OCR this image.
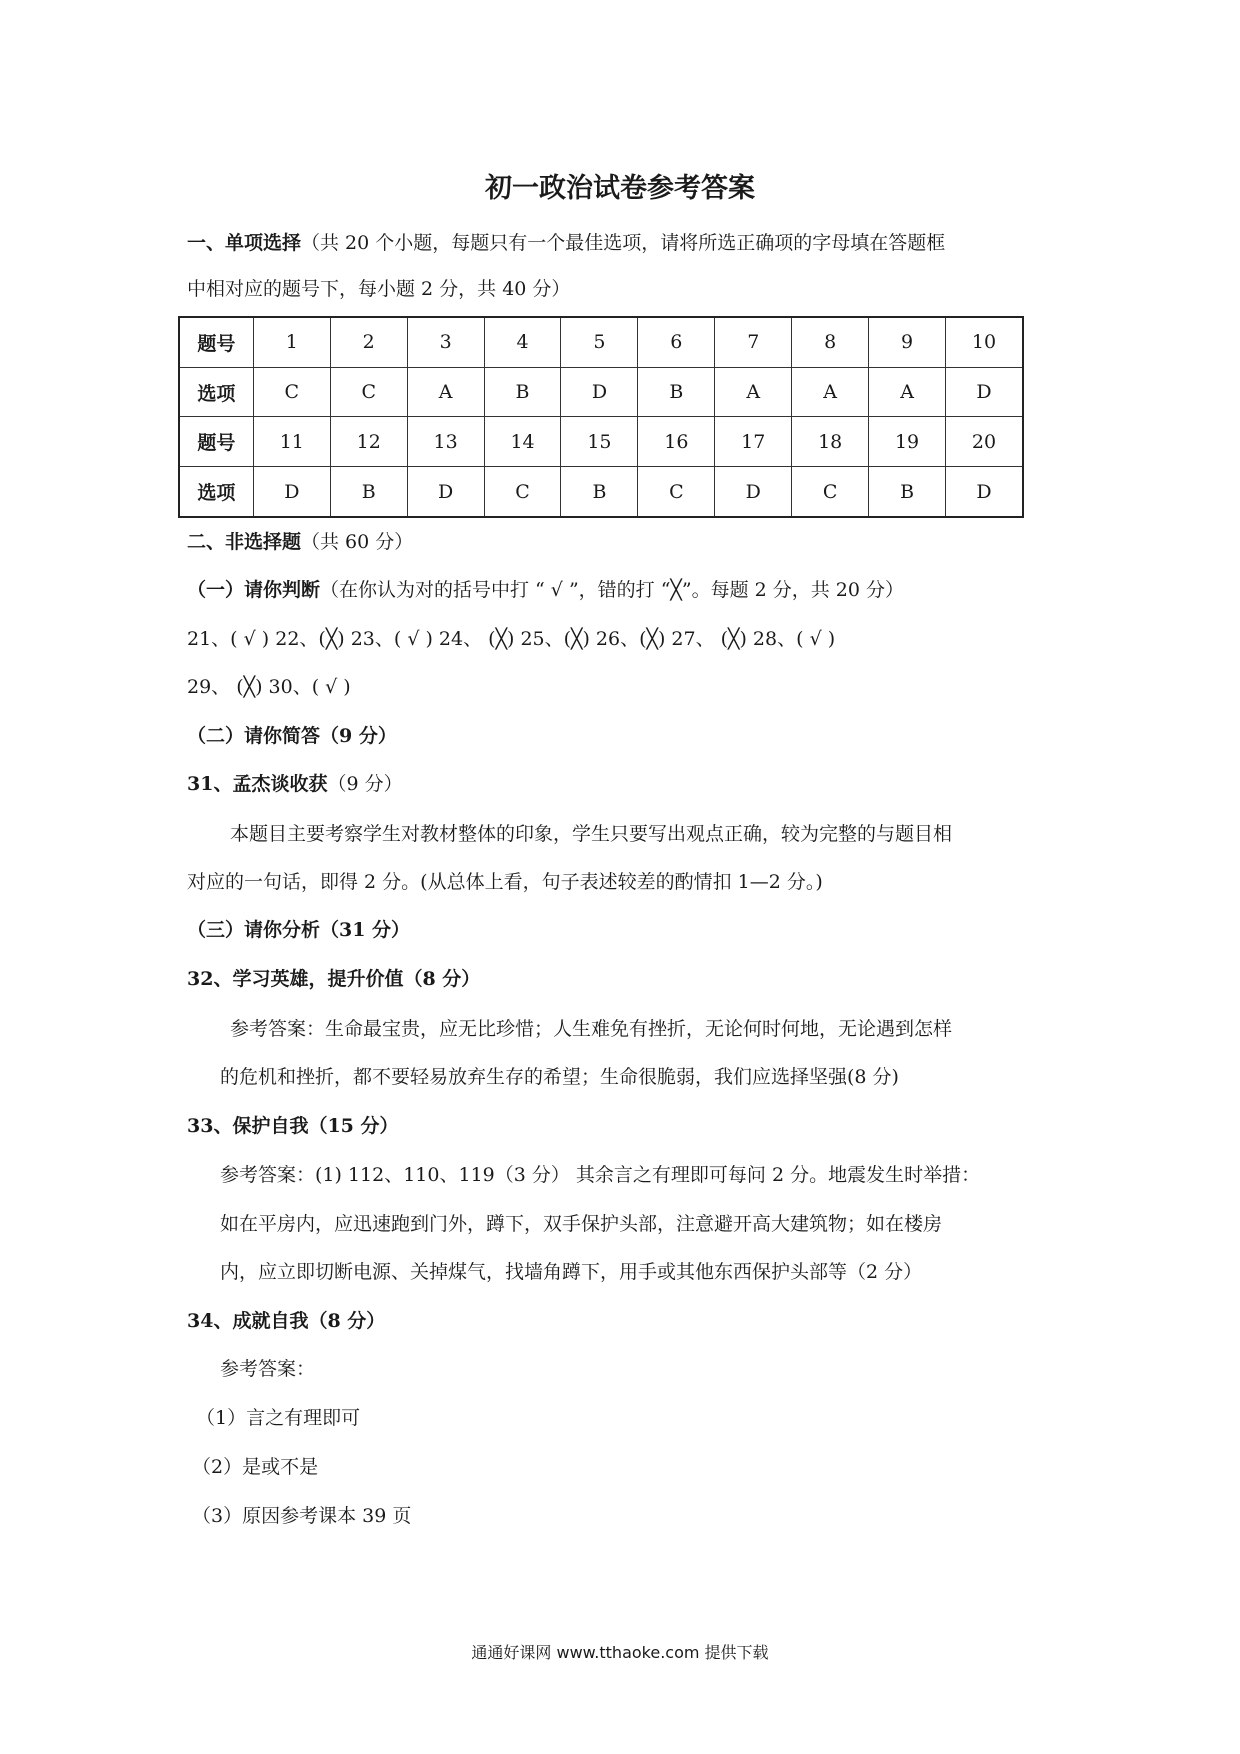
初一政治试卷参考答案
一、单项选择（共 20 个小题，每题只有一个最佳选项，请将所选正确项的字母填在答题框
中相对应的题号下，每小题 2 分，共 40 分）
题号	1	2	3	4	5	6	7	8	9	10
选项	C	C	A	B	D	B	A	A	A	D
题号	11	12	13	14	15	16	17	18	19	20
选项	D	B	D	C	B	C	D	C	B	D
二、非选择题（共 60 分）
（一）请你判断（在你认为对的括号中打 “ √ ”，错的打 “╳”。每题 2 分，共 20 分）
21、( √ ) 22、(╳) 23、( √ ) 24、 (╳) 25、(╳) 26、(╳) 27、 (╳) 28、( √ )
29、 (╳) 30、( √ )
（二）请你简答（9 分）
31、孟杰谈收获（9 分）
本题目主要考察学生对教材整体的印象，学生只要写出观点正确，较为完整的与题目相
对应的一句话，即得 2 分。(从总体上看，句子表述较差的酌情扣 1—2 分。)
（三）请你分析（31 分）
32、学习英雄，提升价值（8 分）
参考答案：生命最宝贵，应无比珍惜；人生难免有挫折，无论何时何地，无论遇到怎样
的危机和挫折，都不要轻易放弃生存的希望；生命很脆弱，我们应选择坚强(8 分)
33、保护自我（15 分）
参考答案：(1) 112、110、119（3 分） 其余言之有理即可每问 2 分。地震发生时举措：
如在平房内，应迅速跑到门外，蹲下，双手保护头部，注意避开高大建筑物；如在楼房
内，应立即切断电源、关掉煤气，找墙角蹲下，用手或其他东西保护头部等（2 分）
34、成就自我（8 分）
参考答案：
（1）言之有理即可
（2）是或不是
（3）原因参考课本 39 页
通通好课网 www.tthaoke.com 提供下载
